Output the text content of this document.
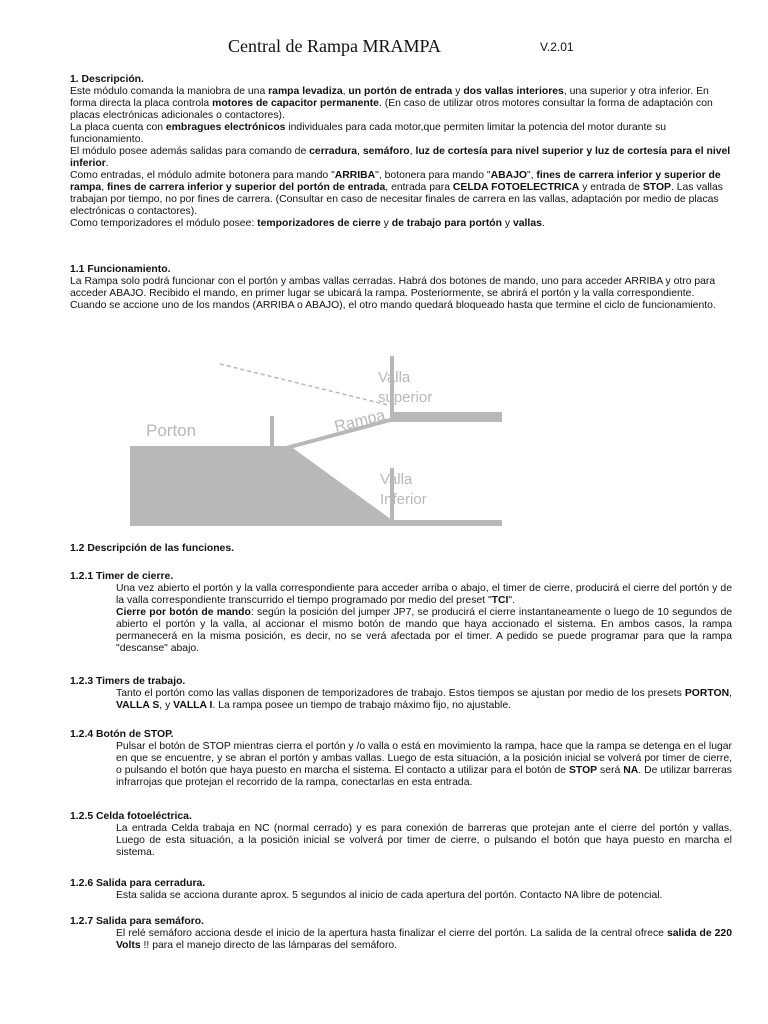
Central de Rampa MRAMPA	V.2.01
1. Descripción.

Este módulo comanda la maniobra de una rampa levadiza, un portón de entrada y dos vallas interiores, una superior y otra inferior. En forma directa la placa controla motores de capacitor permanente. (En caso de utilizar otros motores consultar la forma de adaptación con placas electrónicas adicionales o contactores).

La placa cuenta con embragues electrónicos individuales para cada motor,que permiten limitar la potencia del motor durante su funcionamiento.

El módulo posee además salidas para comando de cerradura, semáforo, luz de cortesía para nivel superior y luz de cortesía para el nivel inferior.

Como entradas, el módulo admite botonera para mando "ARRIBA", botonera para mando "ABAJO", fines de carrera inferior y superior de rampa, fines de carrera inferior y superior del portón de entrada, entrada para CELDA FOTOELECTRICA y entrada de STOP. Las vallas trabajan por tiempo, no por fines de carrera. (Consultar en caso de necesitar finales de carrera en las vallas, adaptación por medio de placas electrónicas o contactores).

Como temporizadores el módulo posee: temporizadores de cierre y de trabajo para portón y vallas.

1.1 Funcionamiento.

La Rampa solo podrá funcionar con el portón y ambas vallas cerradas. Habrá dos botones de mando, uno para acceder ARRIBA y otro para acceder ABAJO. Recibido el mando, en primer lugar se ubicará la rampa. Posteriormente, se abrirá el portón y la valla correspondiente. Cuando se accione uno de los mandos (ARRIBA o ABAJO), el otro mando quedará bloqueado hasta que termine el ciclo de funcionamiento.

Porton	Rampa
Valla
superior
Valla
Inferior
1.2 Descripción de las funciones.
1.2.1 Timer de cierre.

Una vez abierto el portón y la valla correspondiente para acceder arriba o abajo, el timer de cierre, producirá el cierre del portón y de la valla correspondiente transcurrido el tiempo programado por medio del preset "TCI".

Cierre por botón de mando: según la posición del jumper JP7, se producirá el cierre instantaneamente o luego de 10 segundos de abierto el portón y la valla, al accionar el mismo botón de mando que haya accionado el sistema. En ambos casos, la rampa permanecerá en la misma posición, es decir, no se verá afectada por el timer. A pedido se puede programar para que la rampa "descanse" abajo.

1.2.3 Timers de trabajo.

Tanto el portón como las vallas disponen de temporizadores de trabajo. Estos tiempos se ajustan por medio de los presets PORTON, VALLA S, y VALLA I. La rampa posee un tiempo de trabajo máximo fijo, no ajustable.

1.2.4 Botón de STOP.

Pulsar el botón de STOP mientras cierra el portón y /o valla o está en movimiento la rampa, hace que la rampa se detenga en el lugar en que se encuentre, y se abran el portón y ambas vallas. Luego de esta situación, a la posición inicial se volverá por timer de cierre, o pulsando el botón que haya puesto en marcha el sistema. El contacto a utilizar para el botón de STOP será NA. De utilizar barreras infrarrojas que protejan el recorrido de la rampa, conectarlas en esta entrada.

1.2.5 Celda fotoeléctrica.

La entrada Celda trabaja en NC (normal cerrado) y es para conexión de barreras que protejan ante el cierre del portón y vallas. Luego de esta situación, a la posición inicial se volverá por timer de cierre, o pulsando el botón que haya puesto en marcha el sistema.

1.2.6 Salida para cerradura.

Esta salida se acciona durante aprox. 5 segundos al inicio de cada apertura del portón. Contacto NA libre de potencial.

1.2.7 Salida para semáforo.

El relé semáforo acciona desde el inicio de la apertura hasta finalizar el cierre del portón. La salida de la central ofrece salida de 220 Volts !! para el manejo directo de las lámparas del semáforo.
